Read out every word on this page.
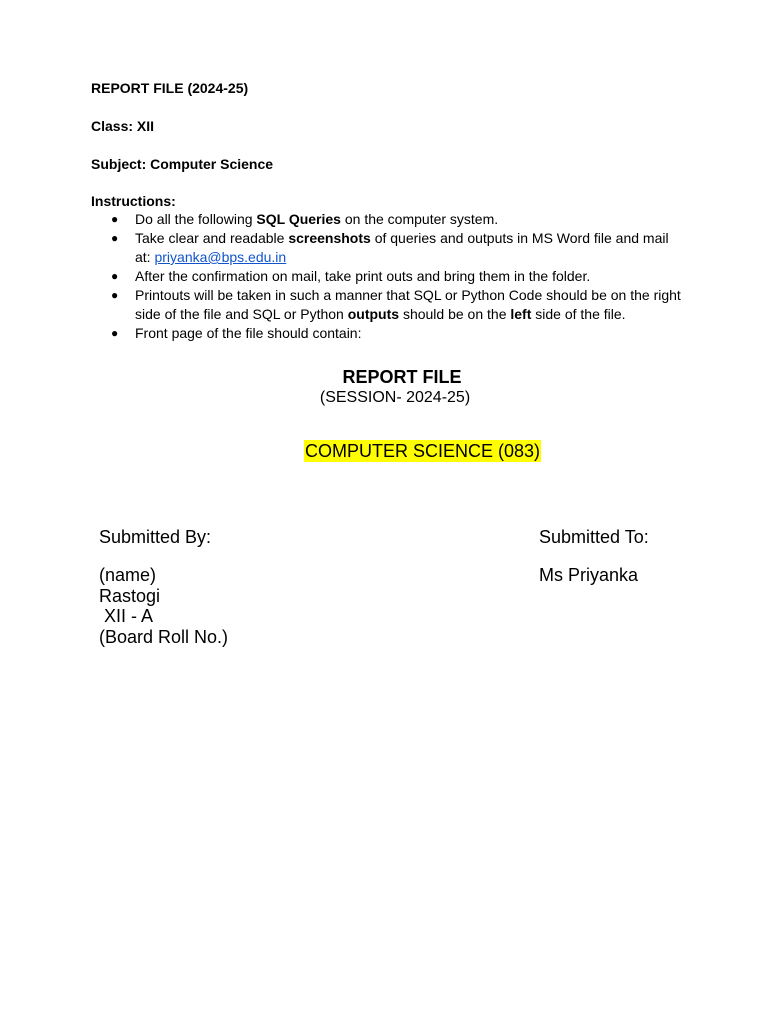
REPORT FILE (2024-25)
Class: XII
Subject: Computer Science
Instructions:
● Do all the following SQL Queries on the computer system.
● Take clear and readable screenshots of queries and outputs in MS Word file and mail
at: priyanka@bps.edu.in
● After the confirmation on mail, take print outs and bring them in the folder.
● Printouts will be taken in such a manner that SQL or Python Code should be on the right
side of the file and SQL or Python outputs should be on the left side of the file.
● Front page of the file should contain:
REPORT FILE
(SESSION- 2024-25)
COMPUTER SCIENCE (083)
Submitted By:	Submitted To:
(name)
Rastogi
XII - A
(Board Roll No.)
Ms Priyanka
